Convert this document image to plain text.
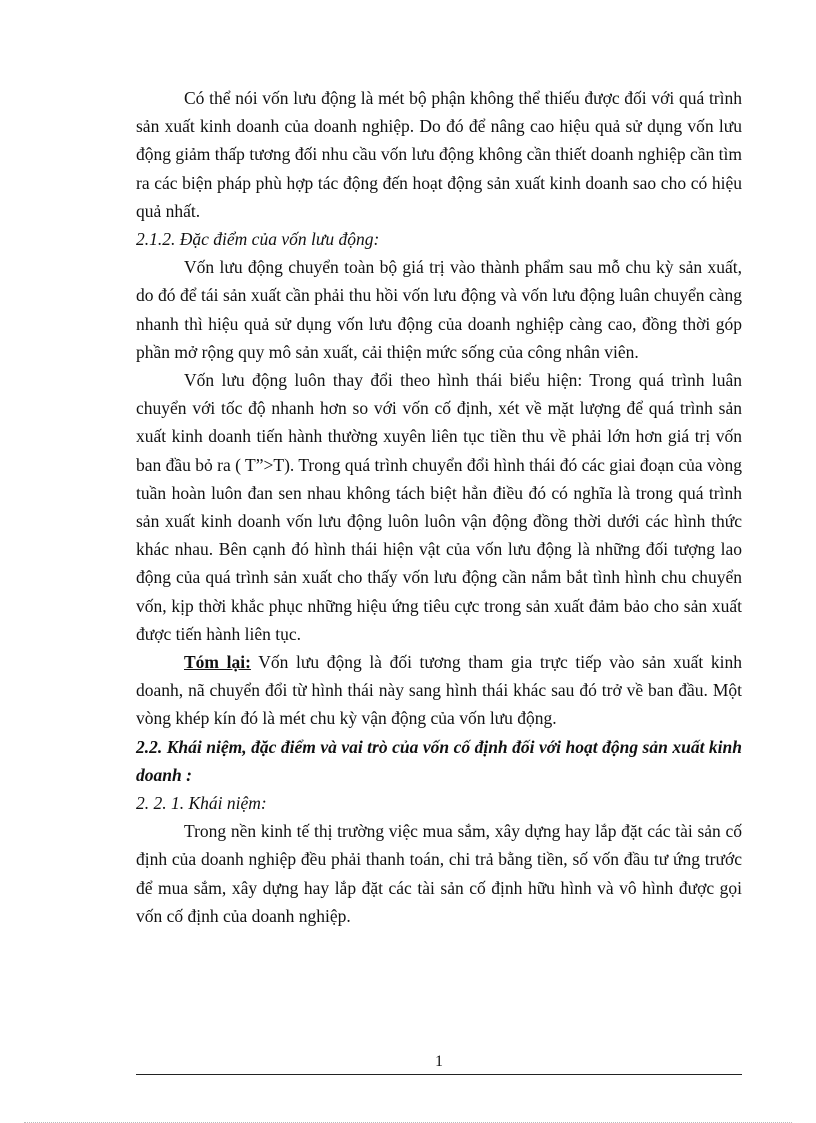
Có thể nói vốn lưu động là mét bộ phận không thể thiếu được đối với quá trình sản xuất kinh doanh của doanh nghiệp. Do đó để nâng cao hiệu quả sử dụng vốn lưu động giảm thấp tương đối nhu cầu vốn lưu động không cần thiết doanh nghiệp cần tìm ra các biện pháp phù hợp tác động đến hoạt động sản xuất kinh doanh sao cho có hiệu quả nhất.

2.1.2. Đặc điểm của vốn lưu động:

Vốn lưu động chuyển toàn bộ giá trị vào thành phẩm sau mỗ chu kỳ sản xuất, do đó để tái sản xuất cần phải thu hồi vốn lưu động và vốn lưu động luân chuyển càng nhanh thì hiệu quả sử dụng vốn lưu động của doanh nghiệp càng cao, đồng thời góp phần mở rộng quy mô sản xuất, cải thiện mức sống của công nhân viên.

Vốn lưu động luôn thay đổi theo hình thái biểu hiện: Trong quá trình luân chuyển với tốc độ nhanh hơn so với vốn cố định, xét về mặt lượng để quá trình sản xuất kinh doanh tiến hành thường xuyên liên tục tiền thu về phải lớn hơn giá trị vốn ban đầu bỏ ra ( T”>T). Trong quá trình chuyển đổi hình thái đó các giai đoạn của vòng tuần hoàn luôn đan sen nhau không tách biệt hẳn điều đó có nghĩa là trong quá trình sản xuất kinh doanh vốn lưu động luôn luôn vận động đồng thời dưới các hình thức khác nhau. Bên cạnh đó hình thái hiện vật của vốn lưu động là những đối tượng lao động của quá trình sản xuất cho thấy vốn lưu động cần nắm bắt tình hình chu chuyển vốn, kịp thời khắc phục những hiệu ứng tiêu cực trong sản xuất đảm bảo cho sản xuất được tiến hành liên tục.

Tóm lại: Vốn lưu động là đối tương tham gia trực tiếp vào sản xuất kinh doanh, nã chuyển đổi từ hình thái này sang hình thái khác sau đó trở về ban đầu. Một vòng khép kín đó là mét chu kỳ vận động của vốn lưu động.

2.2. Khái niệm, đặc điểm và vai trò của vốn cố định đối với hoạt động sản xuất kinh doanh :

2. 2. 1. Khái niệm:

Trong nền kinh tế thị trường việc mua sắm, xây dựng hay lắp đặt các tài sản cố định của doanh nghiệp đều phải thanh toán, chi trả bằng tiền, số vốn đầu tư ứng trước để mua sắm, xây dựng hay lắp đặt các tài sản cố định hữu hình và vô hình được gọi vốn cố định của doanh nghiệp.

1
